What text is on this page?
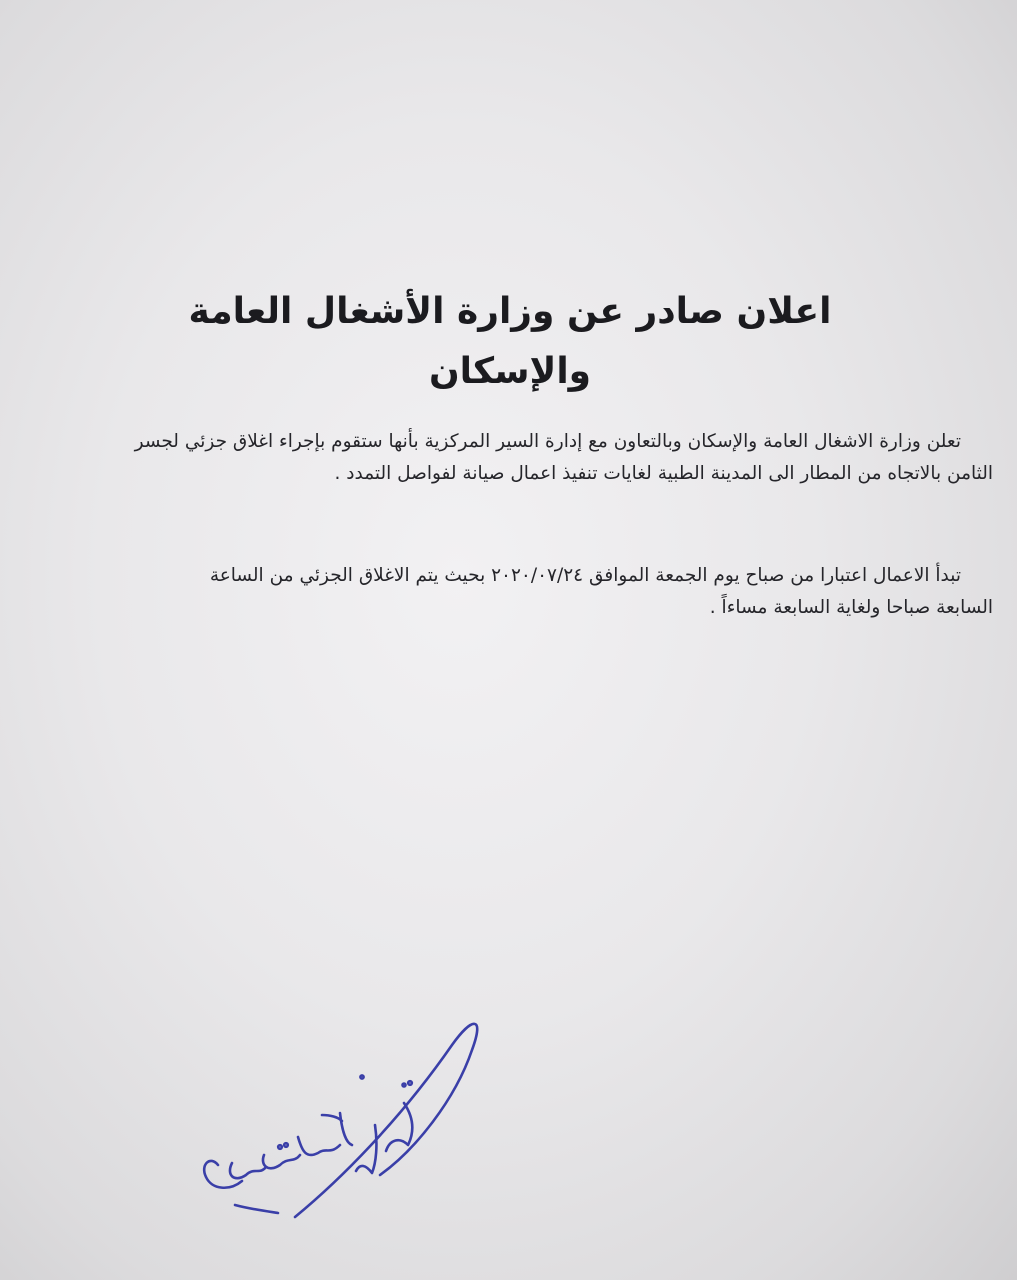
اعلان صادر عن وزارة الأشغال العامة والإسكان

تعلن وزارة الاشغال العامة والإسكان وبالتعاون مع إدارة السير المركزية بأنها ستقوم بإجراء اغلاق جزئي لجسر
الثامن بالاتجاه من المطار الى المدينة الطبية لغايات تنفيذ اعمال صيانة لفواصل التمدد .

تبدأ الاعمال اعتبارا من صباح يوم الجمعة الموافق ٢٠٢٠/٠٧/٢٤ بحيث يتم الاغلاق الجزئي من الساعة
السابعة صباحا ولغاية السابعة مساءاً .
